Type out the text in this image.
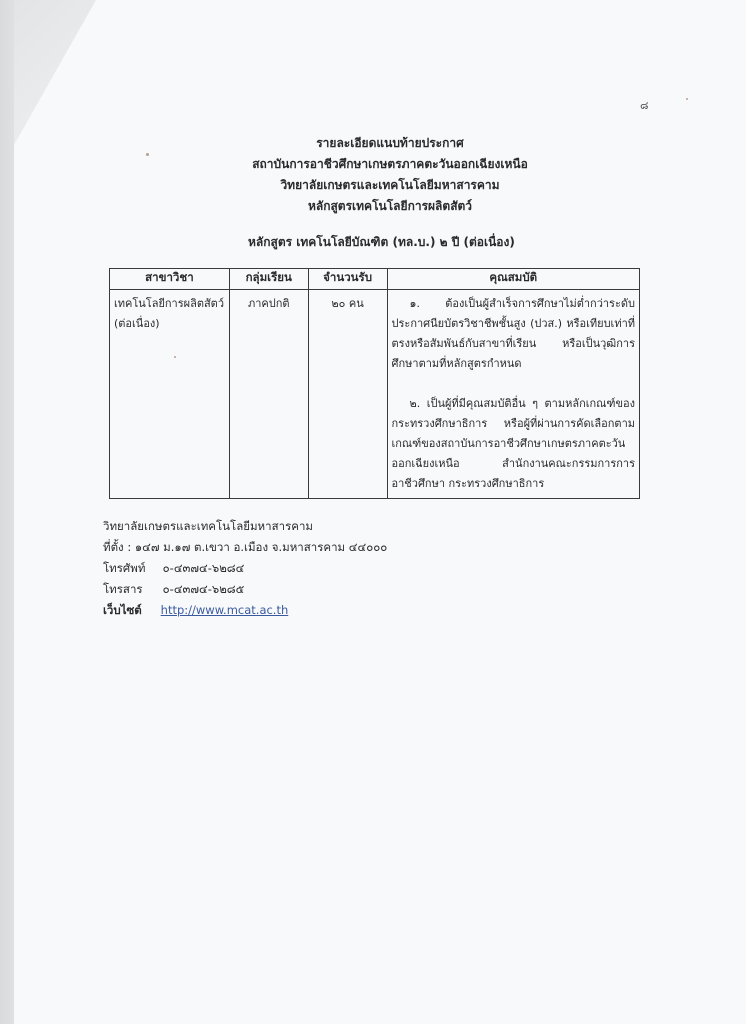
๘
รายละเอียดแนบท้ายประกาศ
สถาบันการอาชีวศึกษาเกษตรภาคตะวันออกเฉียงเหนือ
วิทยาลัยเกษตรและเทคโนโลยีมหาสารคาม
หลักสูตรเทคโนโลยีการผลิตสัตว์
หลักสูตร เทคโนโลยีบัณฑิต (ทล.บ.) ๒ ปี (ต่อเนื่อง)
สาขาวิชา	กลุ่มเรียน	จำนวนรับ	คุณสมบัติ
เทคโนโลยีการผลิตสัตว์ (ต่อเนื่อง)	ภาคปกติ	๒๐ คน	๑. ต้องเป็นผู้สำเร็จการศึกษาไม่ต่ำกว่าระดับประกาศนียบัตรวิชาชีพชั้นสูง (ปวส.) หรือเทียบเท่าที่ตรงหรือสัมพันธ์กับสาขาที่เรียน หรือเป็นวุฒิการศึกษาตามที่หลักสูตรกำหนด
๒. เป็นผู้ที่มีคุณสมบัติอื่น ๆ ตามหลักเกณฑ์ของกระทรวงศึกษาธิการ หรือผู้ที่ผ่านการคัดเลือกตามเกณฑ์ของสถาบันการอาชีวศึกษาเกษตรภาคตะวันออกเฉียงเหนือ สำนักงานคณะกรรมการการอาชีวศึกษา กระทรวงศึกษาธิการ
วิทยาลัยเกษตรและเทคโนโลยีมหาสารคาม
ที่ตั้ง : ๑๔๗ ม.๑๗ ต.เขวา อ.เมือง จ.มหาสารคาม ๔๔๐๐๐
โทรศัพท์ ๐-๔๓๗๔-๖๒๘๔
โทรสาร ๐-๔๓๗๔-๖๒๘๕
เว็บไซต์ http://www.mcat.ac.th
